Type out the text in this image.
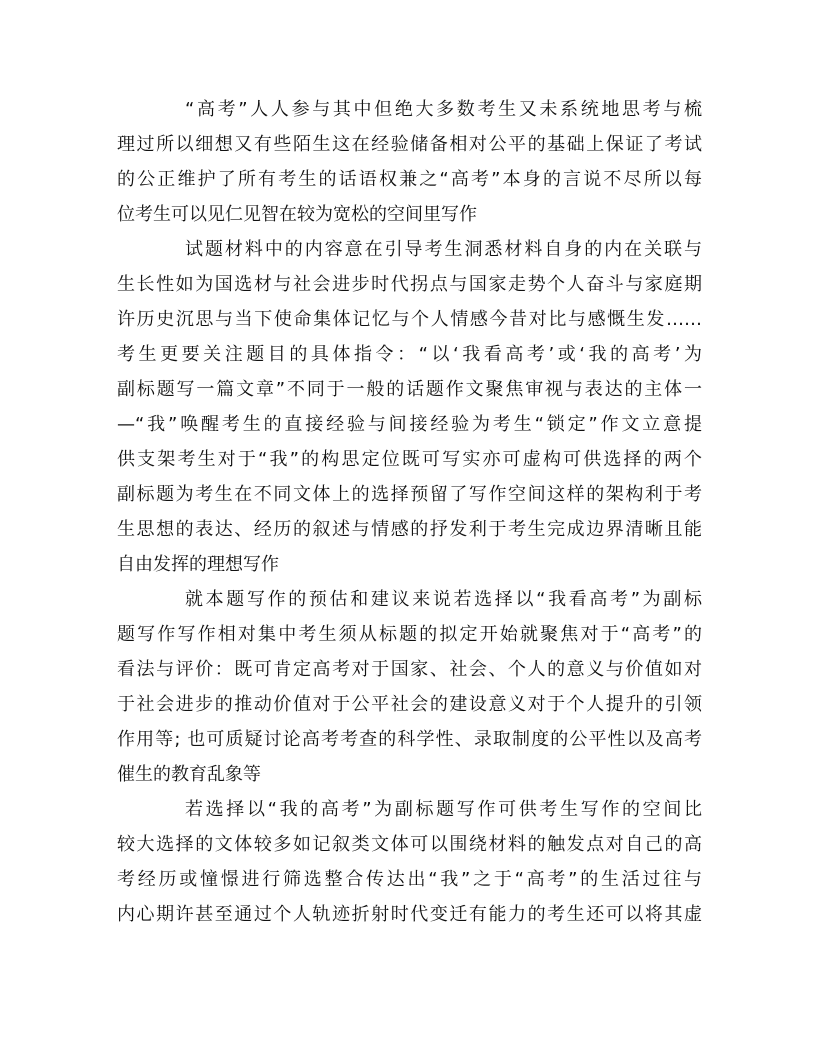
“高考”人人参与其中但绝大多数考生又未系统地思考与梳
理过所以细想又有些陌生这在经验储备相对公平的基础上保证了考试
的公正维护了所有考生的话语权兼之“高考”本身的言说不尽所以每
位考生可以见仁见智在较为宽松的空间里写作
试题材料中的内容意在引导考生洞悉材料自身的内在关联与
生长性如为国选材与社会进步时代拐点与国家走势个人奋斗与家庭期
许历史沉思与当下使命集体记忆与个人情感今昔对比与感慨生发……
考生更要关注题目的具体指令：“以‘我看高考’或‘我的高考’为
副标题写一篇文章”不同于一般的话题作文聚焦审视与表达的主体一
—“我”唤醒考生的直接经验与间接经验为考生“锁定”作文立意提
供支架考生对于“我”的构思定位既可写实亦可虚构可供选择的两个
副标题为考生在不同文体上的选择预留了写作空间这样的架构利于考
生思想的表达、经历的叙述与情感的抒发利于考生完成边界清晰且能
自由发挥的理想写作
就本题写作的预估和建议来说若选择以“我看高考”为副标
题写作写作相对集中考生须从标题的拟定开始就聚焦对于“高考”的
看法与评价：既可肯定高考对于国家、社会、个人的意义与价值如对
于社会进步的推动价值对于公平社会的建设意义对于个人提升的引领
作用等; 也可质疑讨论高考考查的科学性、录取制度的公平性以及高考
催生的教育乱象等
若选择以“我的高考”为副标题写作可供考生写作的空间比
较大选择的文体较多如记叙类文体可以围绕材料的触发点对自己的高
考经历或憧憬进行筛选整合传达出“我”之于“高考”的生活过往与
内心期许甚至通过个人轨迹折射时代变迁有能力的考生还可以将其虚
